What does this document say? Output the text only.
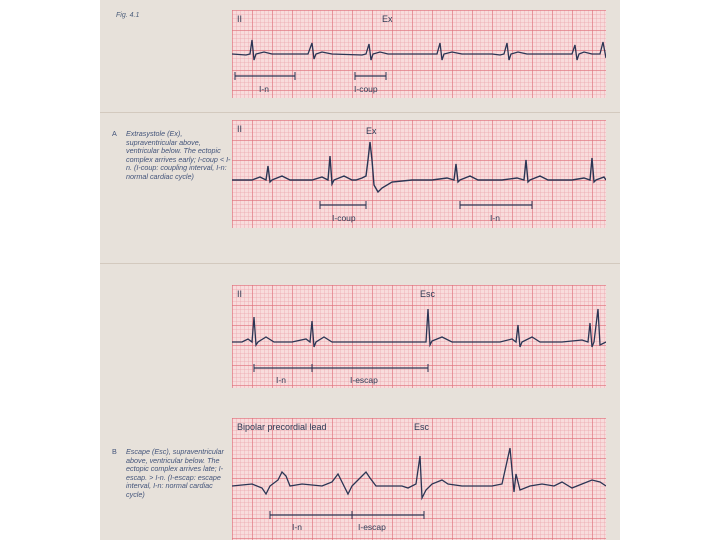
Fig. 4.1
A Extrasystole (Ex), supraventricular above, ventricular below. The ectopic complex arrives early; I-coup < I-n. (I-coup: coupling interval, I-n: normal cardiac cycle)
B Escape (Esc), supraventricular above, ventricular below. The ectopic complex arrives late; I-escap. > I-n. (I-escap: escape interval, I-n: normal cardiac cycle)
II	Ex
I-n	I-coup
II	Ex
I-coup	I-n
II	Esc
I-n	I-escap
Bipolar precordial lead	Esc
I-n	I-escap
